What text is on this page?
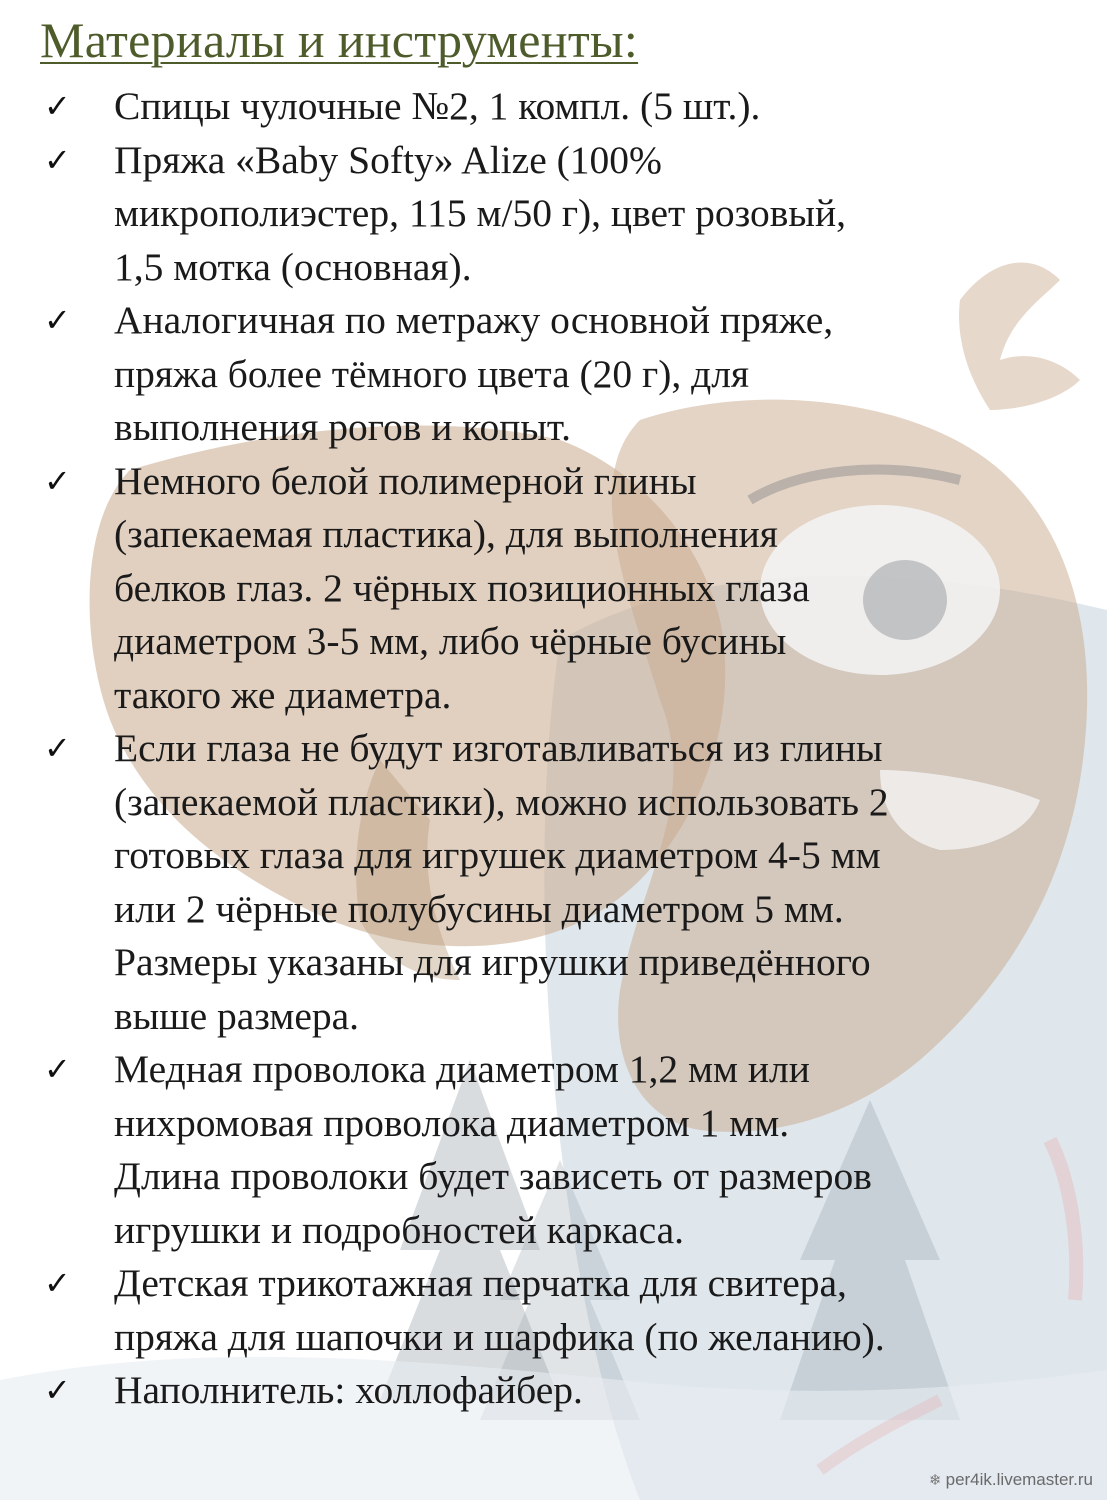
Материалы и инструменты:
✓ Спицы чулочные №2, 1 компл. (5 шт.).
✓ Пряжа «Baby Softy» Alize (100%
микрополиэстер, 115 м/50 г), цвет розовый,
1,5 мотка (основная).
✓ Аналогичная по метражу основной пряже,
пряжа более тёмного цвета (20 г), для
выполнения рогов и копыт.
✓ Немного белой полимерной глины
(запекаемая пластика), для выполнения
белков глаз. 2 чёрных позиционных глаза
диаметром 3-5 мм, либо чёрные бусины
такого же диаметра.
✓ Если глаза не будут изготавливаться из глины
(запекаемой пластики), можно использовать 2
готовых глаза для игрушек диаметром 4-5 мм
или 2 чёрные полубусины диаметром 5 мм.
Размеры указаны для игрушки приведённого
выше размера.
✓ Медная проволока диаметром 1,2 мм или
нихромовая проволока диаметром 1 мм.
Длина проволоки будет зависеть от размеров
игрушки и подробностей каркаса.
✓ Детская трикотажная перчатка для свитера,
пряжа для шапочки и шарфика (по желанию).
✓ Наполнитель: холлофайбер.
❄ per4ik.livemaster.ru
